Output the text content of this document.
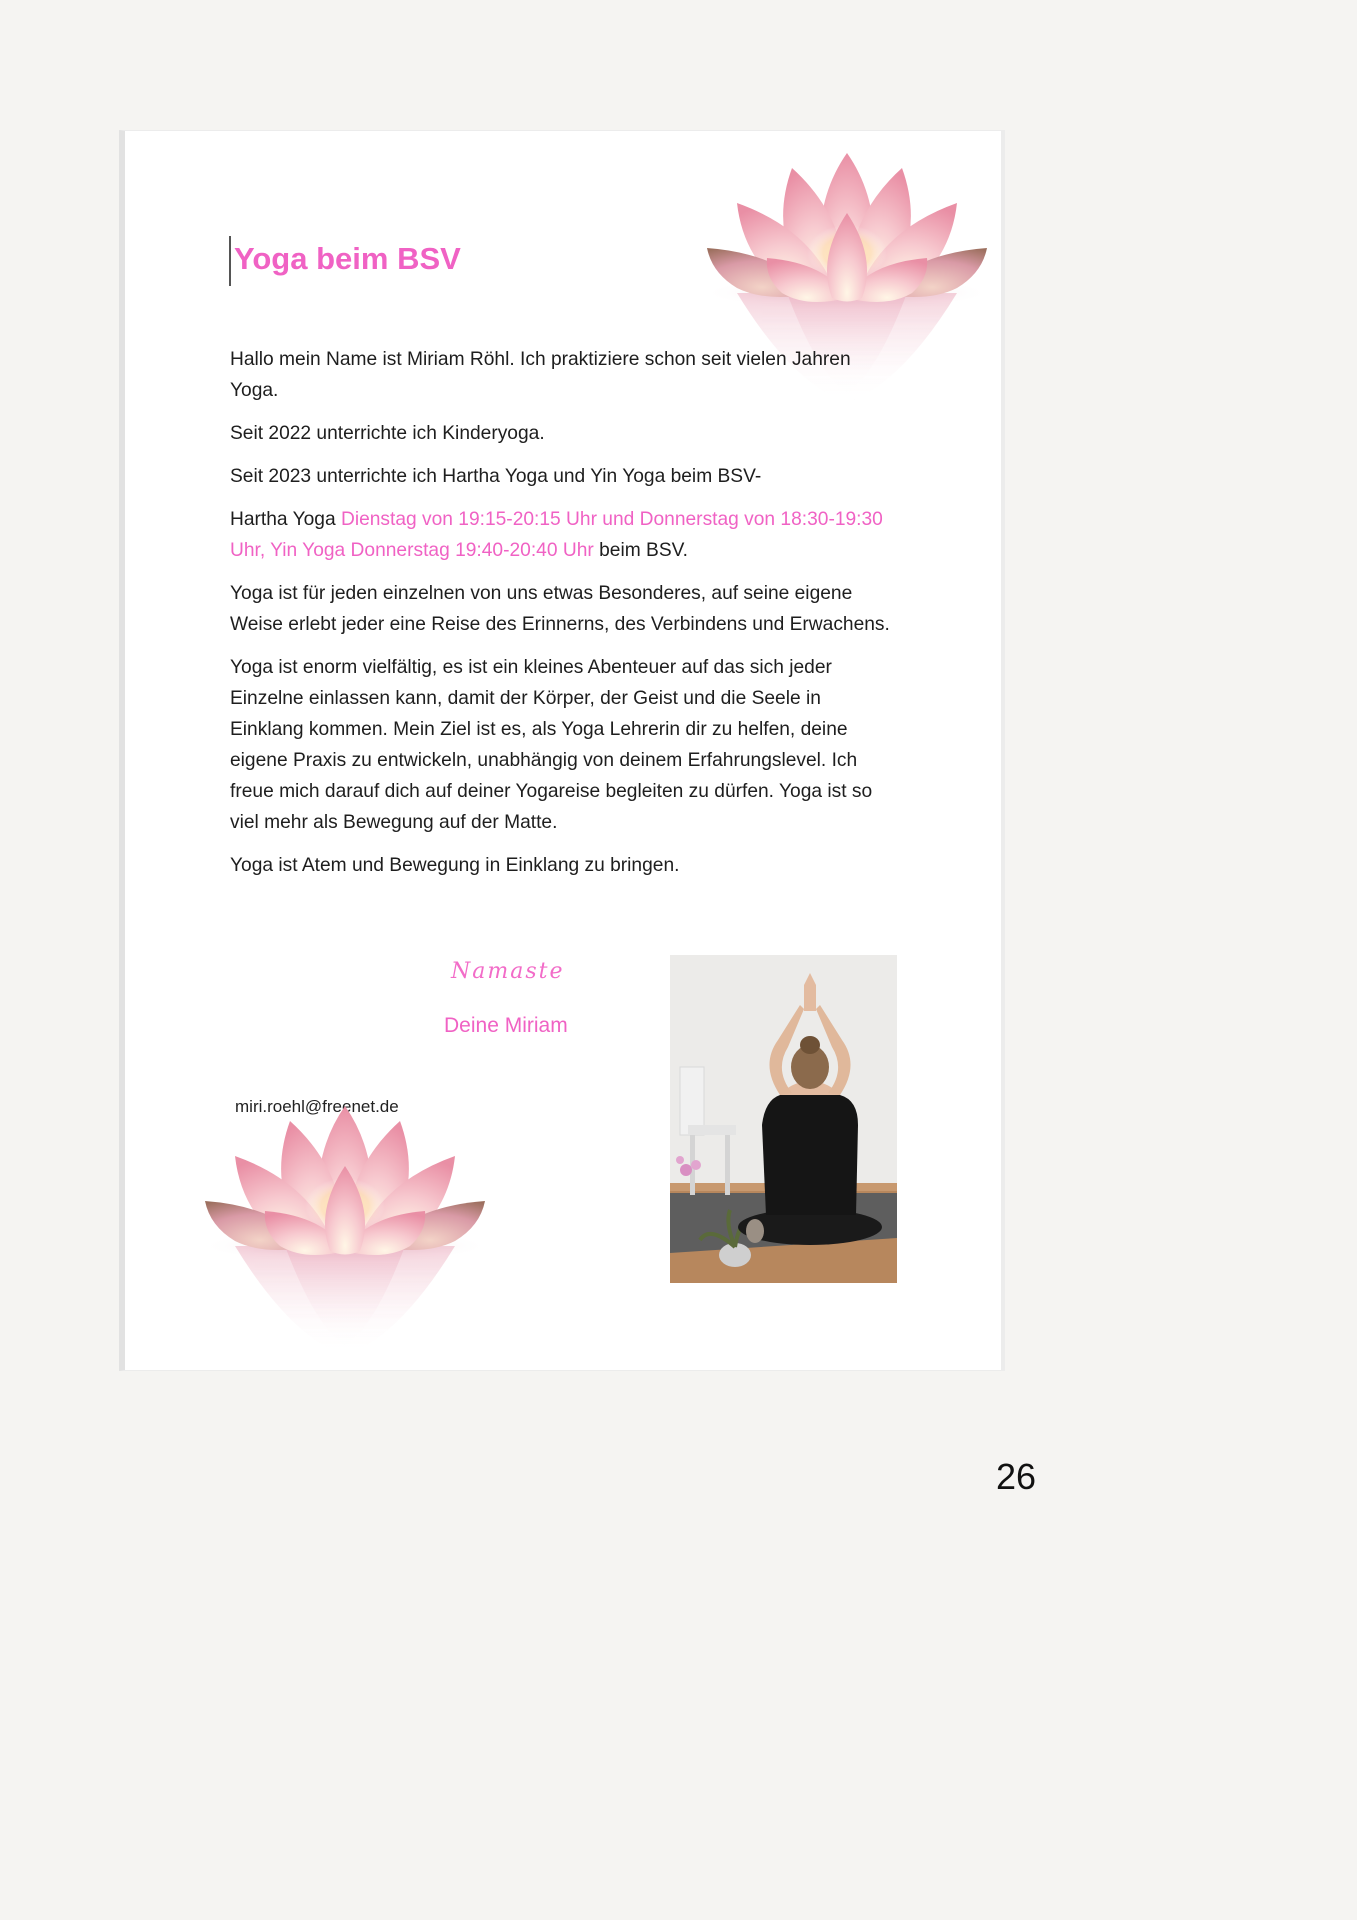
Yoga beim BSV

Hallo mein Name ist Miriam Röhl. Ich praktiziere schon seit vielen Jahren Yoga.

Seit 2022 unterrichte ich Kinderyoga.

Seit 2023 unterrichte ich Hartha Yoga und Yin Yoga beim BSV-

Hartha Yoga Dienstag von 19:15-20:15 Uhr und Donnerstag von 18:30-19:30 Uhr, Yin Yoga Donnerstag 19:40-20:40 Uhr beim BSV.

Yoga ist für jeden einzelnen von uns etwas Besonderes, auf seine eigene Weise erlebt jeder eine Reise des Erinnerns, des Verbindens und Erwachens.

Yoga ist enorm vielfältig, es ist ein kleines Abenteuer auf das sich jeder Einzelne einlassen kann, damit der Körper, der Geist und die Seele in Einklang kommen. Mein Ziel ist es, als Yoga Lehrerin dir zu helfen, deine eigene Praxis zu entwickeln, unabhängig von deinem Erfahrungslevel. Ich freue mich darauf dich auf deiner Yogareise begleiten zu dürfen. Yoga ist so viel mehr als Bewegung auf der Matte.

Yoga ist Atem und Bewegung in Einklang zu bringen.

Namaste
Deine Miriam
miri.roehl@freenet.de
26
